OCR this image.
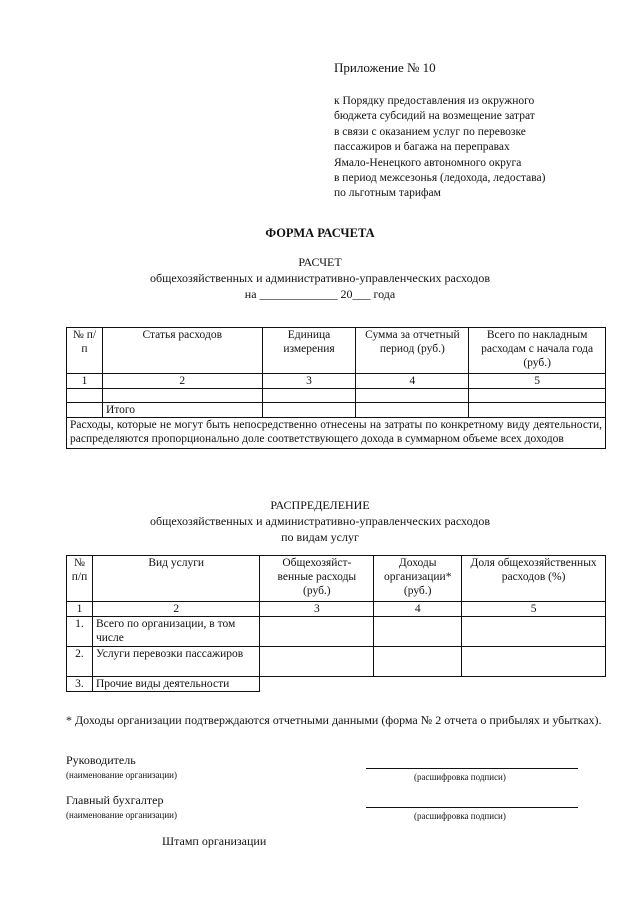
Приложение № 10
к Порядку предоставления из окружного
бюджета субсидий на возмещение затрат
в связи с оказанием услуг по перевозке
пассажиров и багажа на переправах
Ямало-Ненецкого автономного округа
в период межсезонья (ледохода, ледостава)
по льготным тарифам
ФОРМА РАСЧЕТА
РАСЧЕТ
общехозяйственных и административно-управленческих расходов
на _____________ 20___ года
№ п/п	Статья расходов	Единица измерения	Сумма за отчетный период (руб.)	Всего по накладным расходам с начала года (руб.)
1	2	3	4	5

	Итого			
Расходы, которые не могут быть непосредственно отнесены на затраты по конкретному виду деятельности, распределяются пропорционально доле соответствующего дохода в суммарном объеме всех доходов				
РАСПРЕДЕЛЕНИЕ
общехозяйственных и административно-управленческих расходов
по видам услуг
№ п/п	Вид услуги	Общехозяйст- венные расходы (руб.)	Доходы организации* (руб.)	Доля общехозяйственных расходов (%)
1	2	3	4	5
1.	Всего по организации, в том числе			
2.	Услуги перевозки пассажиров			
3.	Прочие виды деятельности			
* Доходы организации подтверждаются отчетными данными (форма № 2 отчета о прибылях и убытках).
Руководитель
(наименование организации)	(расшифровка подписи)
Главный бухгалтер
(наименование организации)	(расшифровка подписи)
Штамп организации
